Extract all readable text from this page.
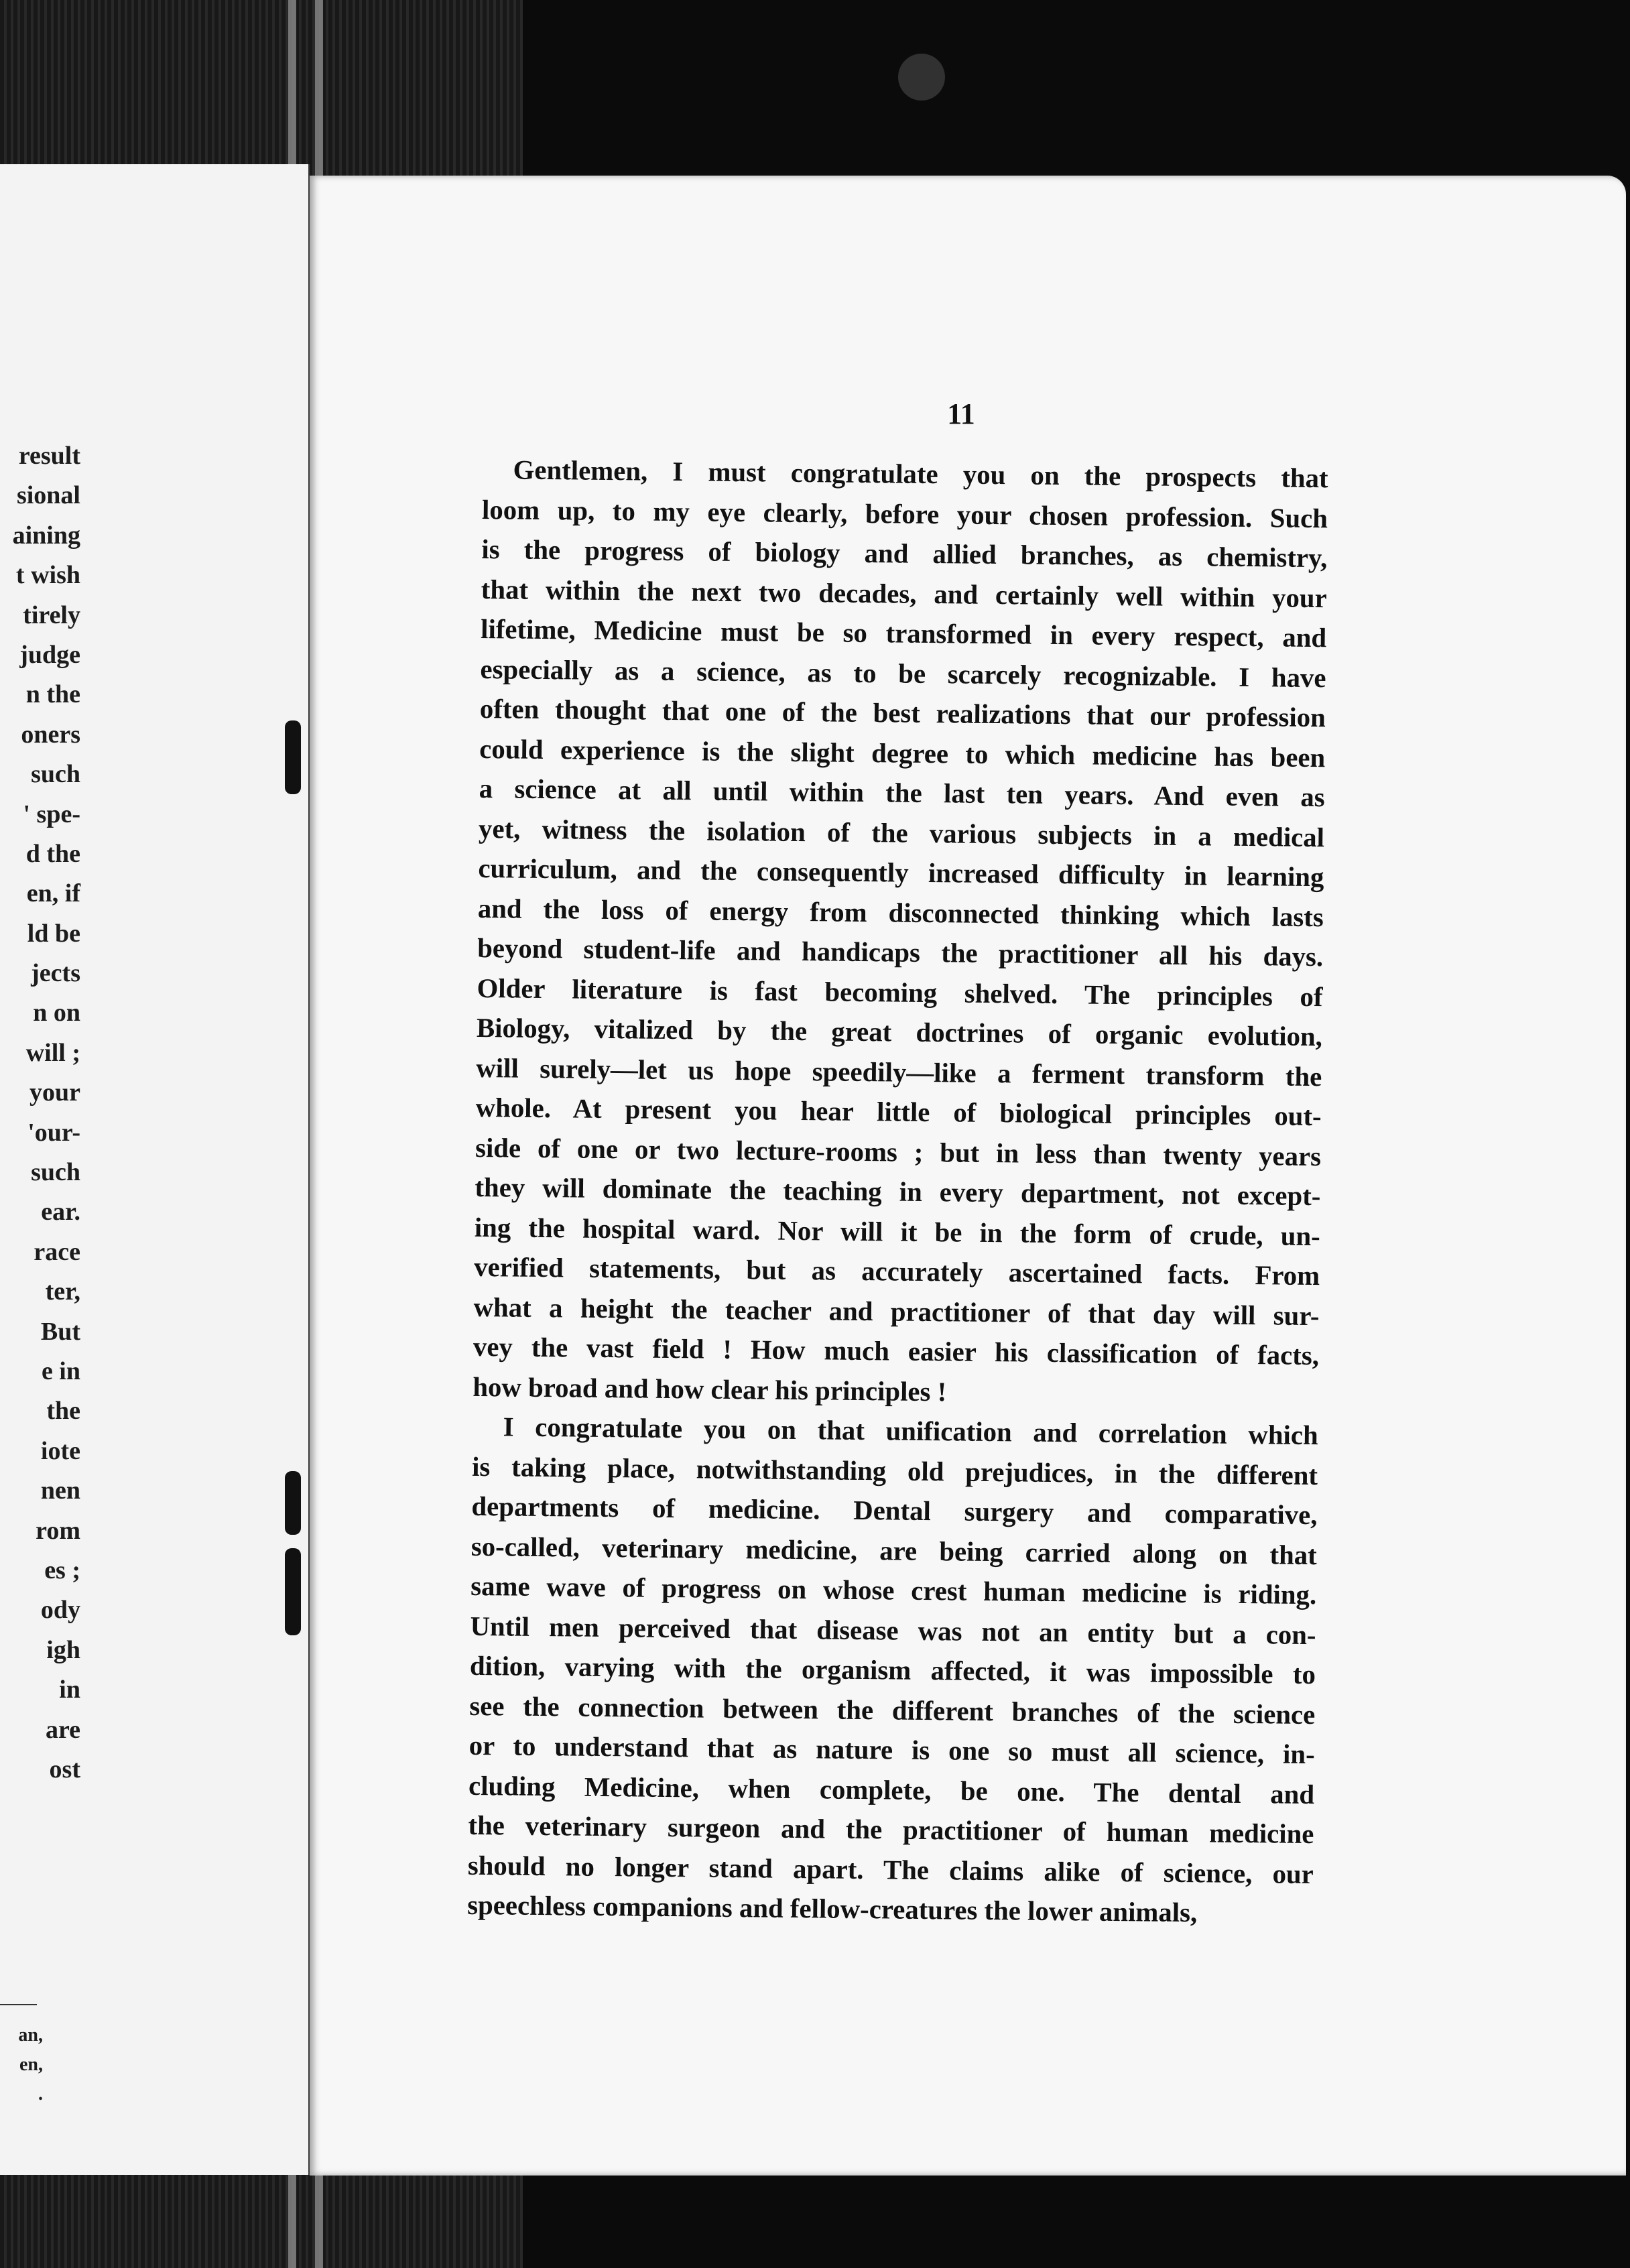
result
sional
aining
t wish
tirely
judge
n the
oners
such
' spe-
d the
en, if
ld be
jects
n on
will ;
your
'our-
such
ear.
race
ter,
But
e in
the
iote
nen
rom
es ;
ody
igh
in
are
ost
an,
en,
.
11
Gentlemen, I must congratulate you on the prospects that
loom up, to my eye clearly, before your chosen profession. Such
is the progress of biology and allied branches, as chemistry,
that within the next two decades, and certainly well within your
lifetime, Medicine must be so transformed in every respect, and
especially as a science, as to be scarcely recognizable. I have
often thought that one of the best realizations that our profession
could experience is the slight degree to which medicine has been
a science at all until within the last ten years. And even as
yet, witness the isolation of the various subjects in a medical
curriculum, and the consequently increased difficulty in learning
and the loss of energy from disconnected thinking which lasts
beyond student-life and handicaps the practitioner all his days.
Older literature is fast becoming shelved. The principles of
Biology, vitalized by the great doctrines of organic evolution,
will surely—let us hope speedily—like a ferment transform the
whole. At present you hear little of biological principles out-
side of one or two lecture-rooms ; but in less than twenty years
they will dominate the teaching in every department, not except-
ing the hospital ward. Nor will it be in the form of crude, un-
verified statements, but as accurately ascertained facts. From
what a height the teacher and practitioner of that day will sur-
vey the vast field ! How much easier his classification of facts,
how broad and how clear his principles !
I congratulate you on that unification and correlation which
is taking place, notwithstanding old prejudices, in the different
departments of medicine. Dental surgery and comparative,
so-called, veterinary medicine, are being carried along on that
same wave of progress on whose crest human medicine is riding.
Until men perceived that disease was not an entity but a con-
dition, varying with the organism affected, it was impossible to
see the connection between the different branches of the science
or to understand that as nature is one so must all science, in-
cluding Medicine, when complete, be one. The dental and
the veterinary surgeon and the practitioner of human medicine
should no longer stand apart. The claims alike of science, our
speechless companions and fellow-creatures the lower animals,
